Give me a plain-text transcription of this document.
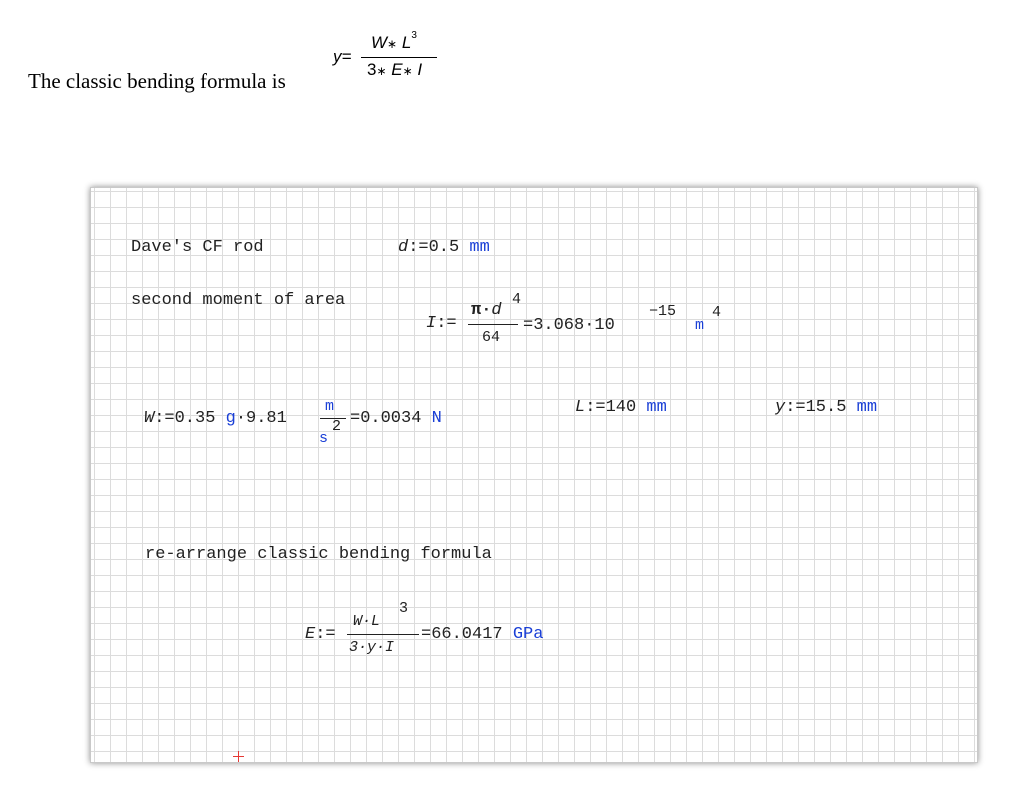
The classic bending formula is
y=
W∗ $L^3$
3∗ E∗ I
Dave's CF rod	d:=0.5 mm
second moment of area
I:=
π·d
4
64
=3.068·10
−15
m
4
W:=0.35 g·9.81
m
s
2 =0.0034 N
L:=140 mm	y:=15.5 mm
re-arrange classic bending formula
E:=
W·L
3
3·y·I
=66.0417 GPa
